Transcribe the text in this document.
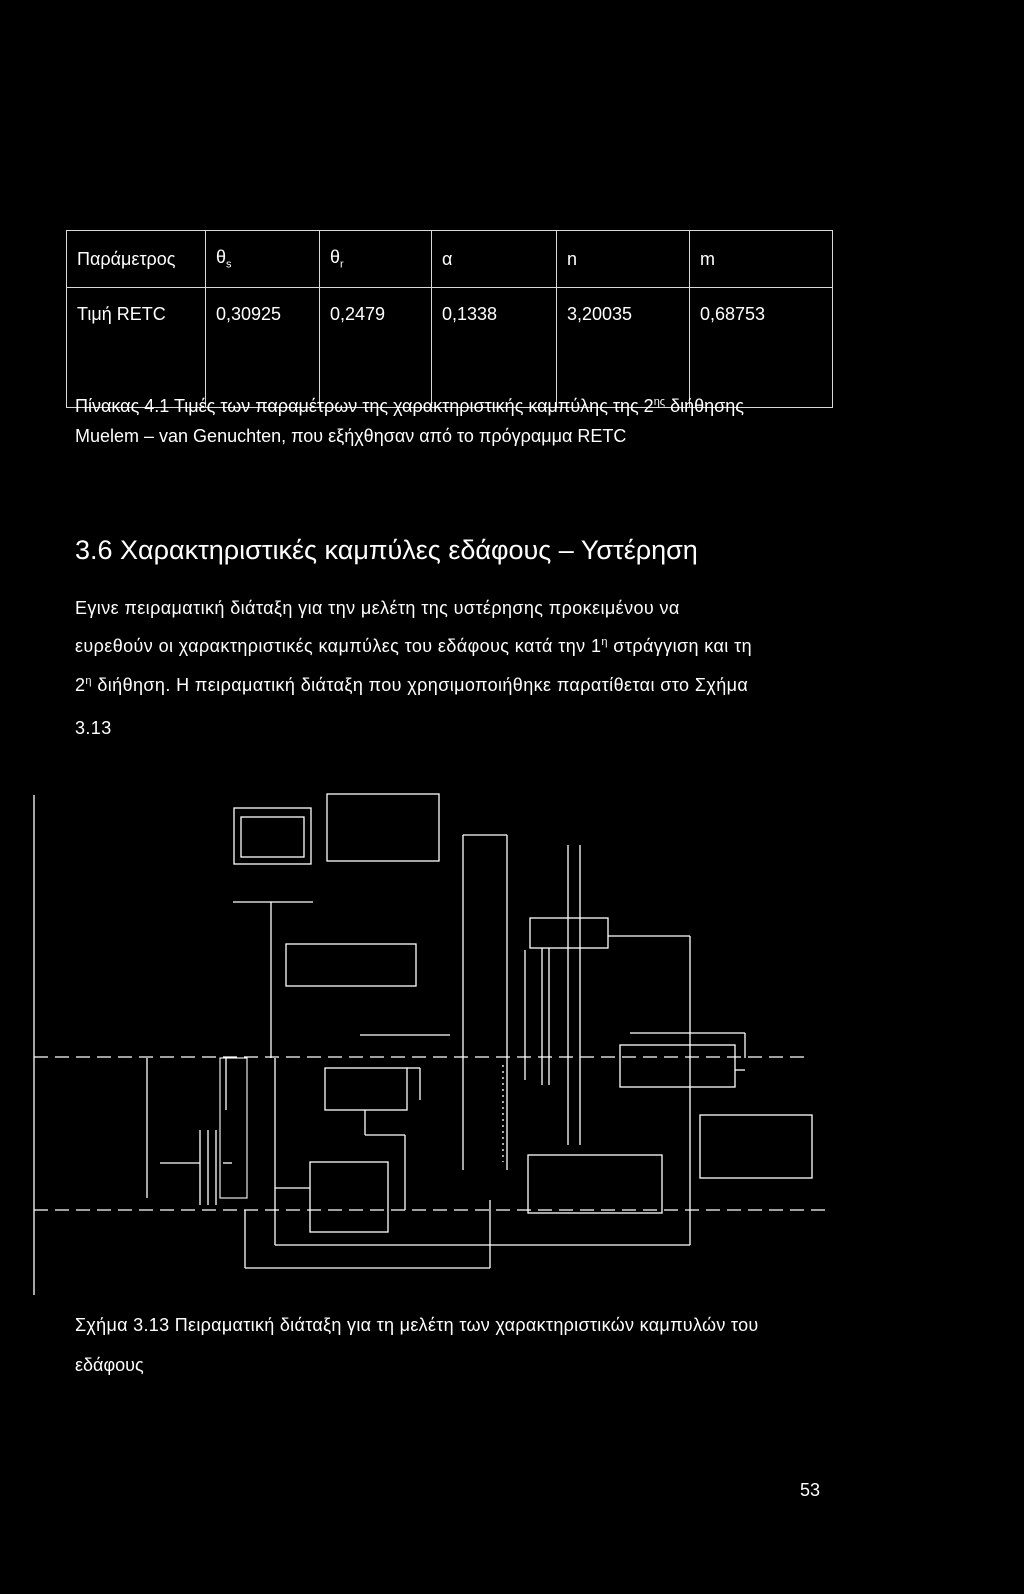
Παράμετρος	$\theta_s$	$\theta_r$	α	n	m
Τιμή RETC	0,30925	0,2479	0,1338	3,20035	0,68753
Πίνακας 4.1 Τιμές των παραμέτρων της χαρακτηριστικής καμπύλης της $2^{\eta\varsigma}$ διήθησης
Muelem – van Genuchten, που εξήχθησαν από το πρόγραμμα RETC
3.6 Χαρακτηριστικές καμπύλες εδάφους – Υστέρηση
Εγινε πειραματική διάταξη για την μελέτη της υστέρησης προκειμένου να
ευρεθούν οι χαρακτηριστικές καμπύλες του εδάφους κατά την $1^\eta$ στράγγιση και τη
$2^\eta$ διήθηση. Η πειραματική διάταξη που χρησιμοποιήθηκε παρατίθεται στο Σχήμα
3.13
Σχήμα 3.13 Πειραματική διάταξη για τη μελέτη των χαρακτηριστικών καμπυλών του
εδάφους
53
